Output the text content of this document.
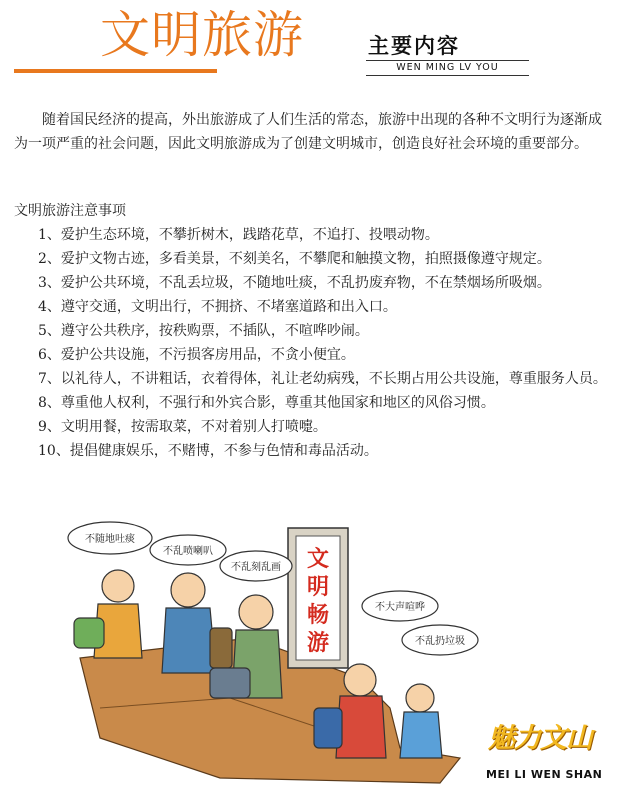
文明旅游	主要内容
WEN MING LV YOU

随着国民经济的提高，外出旅游成了人们生活的常态，旅游中出现的各种不文明行为逐渐成为一项严重的社会问题，因此文明旅游成为了创建文明城市，创造良好社会环境的重要部分。

文明旅游注意事项

1、爱护生态环境，不攀折树木，践踏花草，不追打、投喂动物。
2、爱护文物古迹，多看美景，不刻美名，不攀爬和触摸文物，拍照摄像遵守规定。
3、爱护公共环境，不乱丢垃圾，不随地吐痰，不乱扔废弃物，不在禁烟场所吸烟。
4、遵守交通，文明出行，不拥挤、不堵塞道路和出入口。
5、遵守公共秩序，按秩购票，不插队，不喧哗吵闹。
6、爱护公共设施，不污损客房用品，不贪小便宜。
7、以礼待人，不讲粗话，衣着得体，礼让老幼病残，不长期占用公共设施，尊重服务人员。
8、尊重他人权利，不强行和外宾合影，尊重其他国家和地区的风俗习惯。
9、文明用餐，按需取菜，不对着别人打喷嚏。
10、提倡健康娱乐，不赌博，不参与色情和毒品活动。
文
明
畅
游
不随地吐痰
不乱喷喇叭
不乱刻乱画
不大声喧哗
不乱扔垃圾
魅力文山
MEI LI WEN SHAN
